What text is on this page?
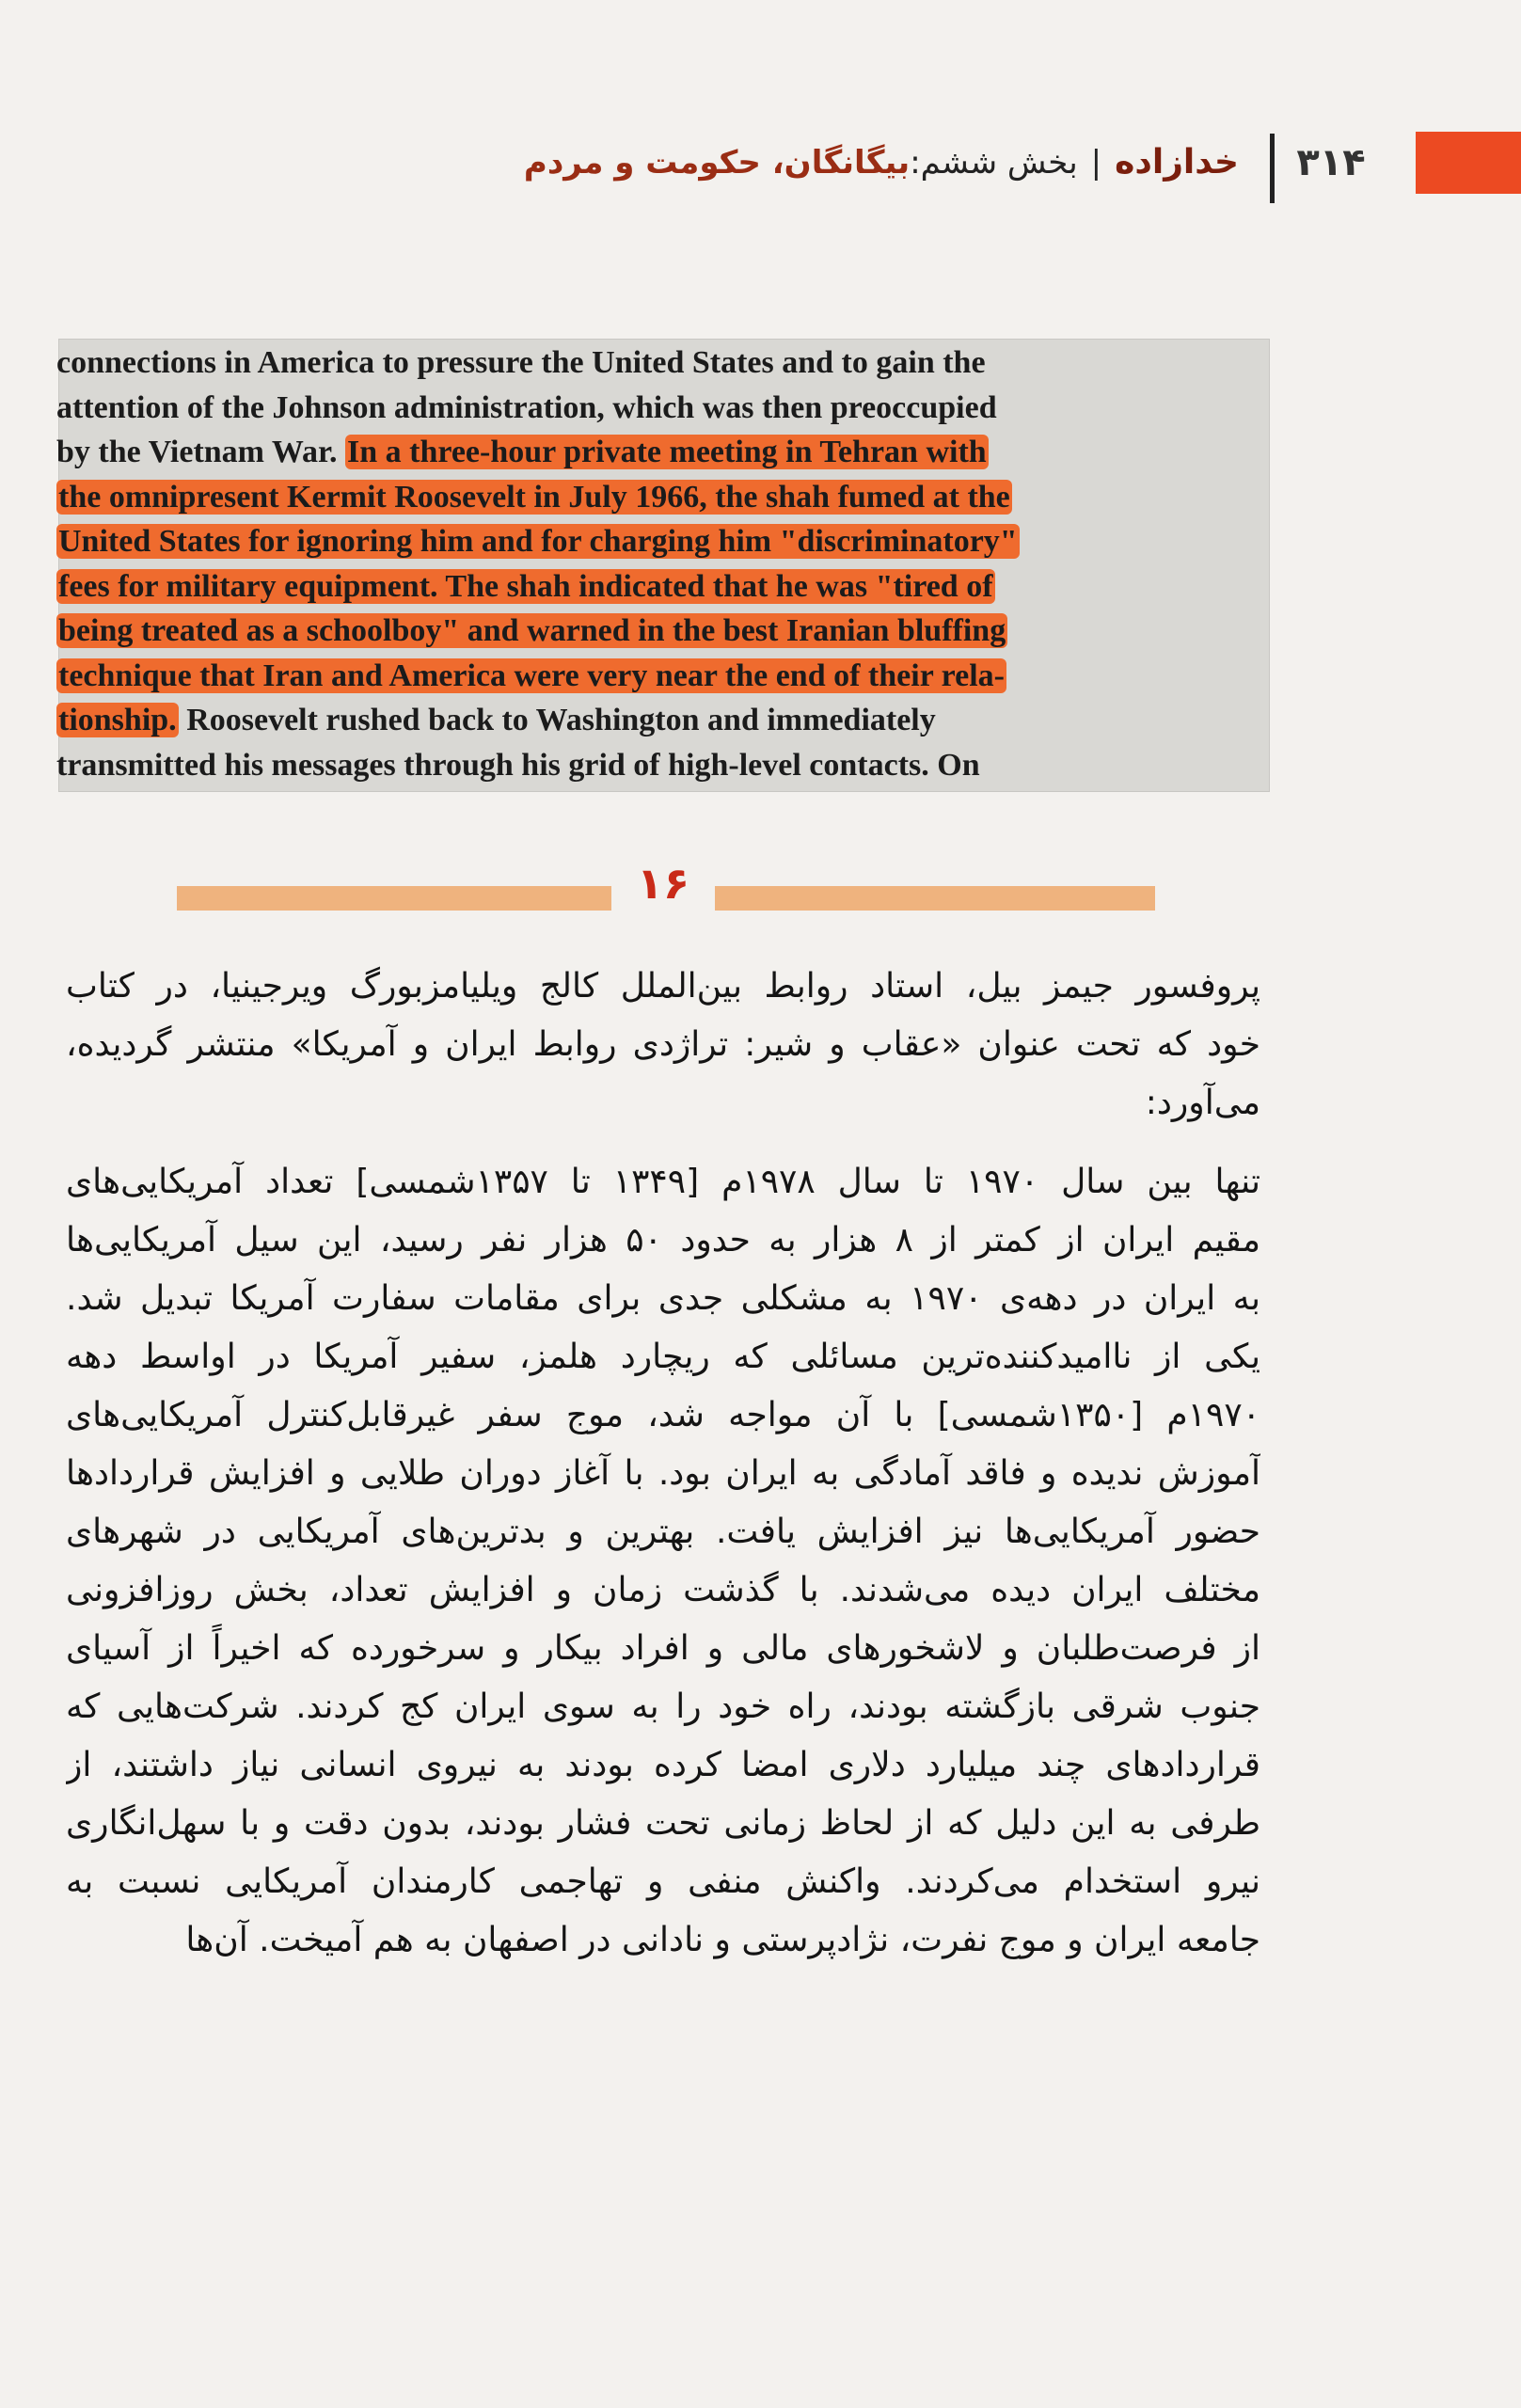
۳۱۴
خدازاده|بخش ششم:بیگانگان، حکومت و مردم
connections in America to pressure the United States and to gain the
attention of the Johnson administration, which was then preoccupied
by the Vietnam War. In a three-hour private meeting in Tehran with
the omnipresent Kermit Roosevelt in July 1966, the shah fumed at the
United States for ignoring him and for charging him "discriminatory"
fees for military equipment. The shah indicated that he was "tired of
being treated as a schoolboy" and warned in the best Iranian bluffing
technique that Iran and America were very near the end of their rela-
tionship. Roosevelt rushed back to Washington and immediately
transmitted his messages through his grid of high-level contacts. On
۱۶
پروفسور جیمز بیل، استاد روابط بین‌الملل کالج ویلیامزبورگ ویرجینیا، در کتاب
خود که تحت عنوان «عقاب و شیر: تراژدی روابط ایران و آمریکا» منتشر گردیده،
می‌آورد:
تنها بین سال ۱۹۷۰ تا سال ۱۹۷۸م [۱۳۴۹ تا ۱۳۵۷شمسی] تعداد آمریکایی‌های
مقیم ایران از کمتر از ۸ هزار به حدود ۵۰ هزار نفر رسید، این سیل آمریکایی‌ها
به ایران در دهه‌ی ۱۹۷۰ به مشکلی جدی برای مقامات سفارت آمریکا تبدیل شد.
یکی از ناامیدکننده‌ترین مسائلی که ریچارد هلمز، سفیر آمریکا در اواسط دهه
۱۹۷۰م [۱۳۵۰شمسی] با آن مواجه شد، موج سفر غیرقابل‌کنترل آمریکایی‌های
آموزش ندیده و فاقد آمادگی به ایران بود. با آغاز دوران طلایی و افزایش قراردادها
حضور آمریکایی‌ها نیز افزایش یافت. بهترین و بدترین‌های آمریکایی در شهرهای
مختلف ایران دیده می‌شدند. با گذشت زمان و افزایش تعداد، بخش روزافزونی
از فرصت‌طلبان و لاشخورهای مالی و افراد بیکار و سرخورده که اخیراً از آسیای
جنوب شرقی بازگشته بودند، راه خود را به سوی ایران کج کردند. شرکت‌هایی که
قراردادهای چند میلیارد دلاری امضا کرده بودند به نیروی انسانی نیاز داشتند، از
طرفی به این دلیل که از لحاظ زمانی تحت فشار بودند، بدون دقت و با سهل‌انگاری
نیرو استخدام می‌کردند. واکنش منفی و تهاجمی کارمندان آمریکایی نسبت به
جامعه ایران و موج نفرت، نژادپرستی و نادانی در اصفهان به هم آمیخت. آن‌ها
